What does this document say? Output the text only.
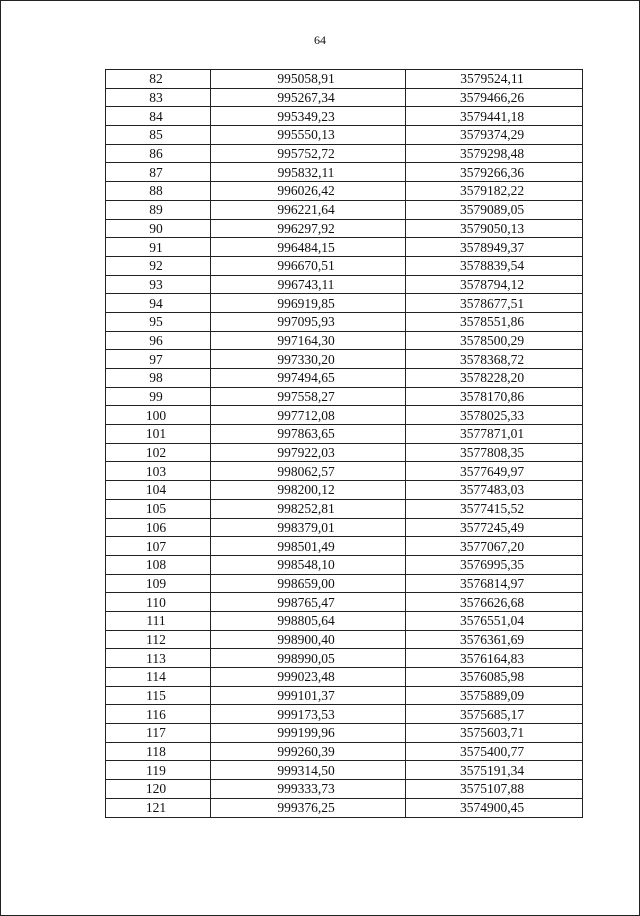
64
82	995058,91	3579524,11
83	995267,34	3579466,26
84	995349,23	3579441,18
85	995550,13	3579374,29
86	995752,72	3579298,48
87	995832,11	3579266,36
88	996026,42	3579182,22
89	996221,64	3579089,05
90	996297,92	3579050,13
91	996484,15	3578949,37
92	996670,51	3578839,54
93	996743,11	3578794,12
94	996919,85	3578677,51
95	997095,93	3578551,86
96	997164,30	3578500,29
97	997330,20	3578368,72
98	997494,65	3578228,20
99	997558,27	3578170,86
100	997712,08	3578025,33
101	997863,65	3577871,01
102	997922,03	3577808,35
103	998062,57	3577649,97
104	998200,12	3577483,03
105	998252,81	3577415,52
106	998379,01	3577245,49
107	998501,49	3577067,20
108	998548,10	3576995,35
109	998659,00	3576814,97
110	998765,47	3576626,68
111	998805,64	3576551,04
112	998900,40	3576361,69
113	998990,05	3576164,83
114	999023,48	3576085,98
115	999101,37	3575889,09
116	999173,53	3575685,17
117	999199,96	3575603,71
118	999260,39	3575400,77
119	999314,50	3575191,34
120	999333,73	3575107,88
121	999376,25	3574900,45
